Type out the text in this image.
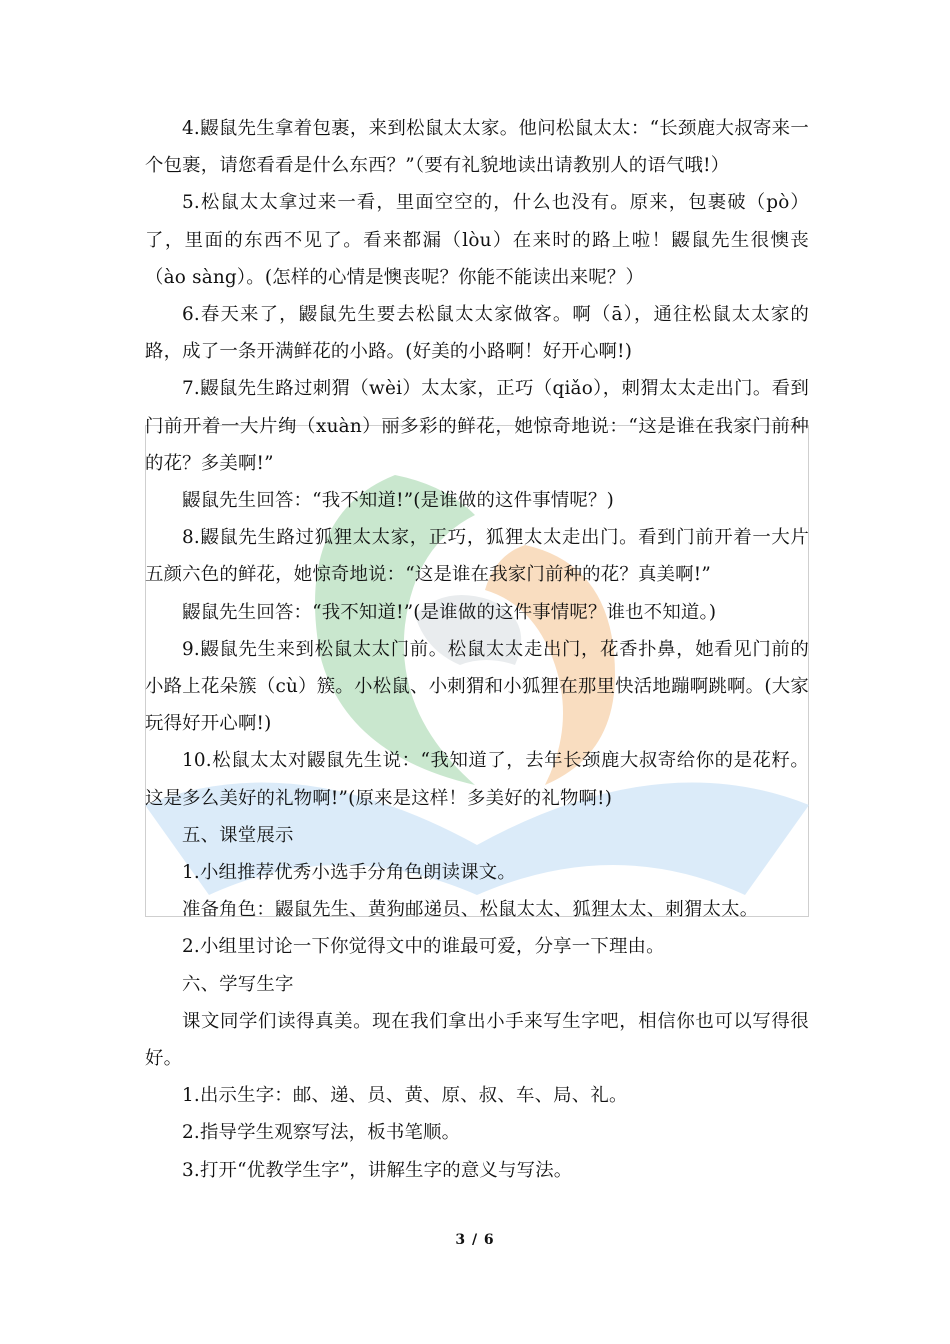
4.鼹鼠先生拿着包裹，来到松鼠太太家。他问松鼠太太：“长颈鹿大叔寄来一个包裹，请您看看是什么东西？”（要有礼貌地读出请教别人的语气哦!）

5.松鼠太太拿过来一看，里面空空的，什么也没有。原来，包裹破（pò）了，里面的东西不见了。看来都漏（lòu）在来时的路上啦！鼹鼠先生很懊丧（ào sàng）。(怎样的心情是懊丧呢？你能不能读出来呢？）

6.春天来了，鼹鼠先生要去松鼠太太家做客。啊（ā），通往松鼠太太家的路，成了一条开满鲜花的小路。(好美的小路啊！好开心啊!)

7.鼹鼠先生路过刺猬（wèi）太太家，正巧（qiǎo），刺猬太太走出门。看到门前开着一大片绚（xuàn）丽多彩的鲜花，她惊奇地说：“这是谁在我家门前种的花？多美啊!”

鼹鼠先生回答：“我不知道!”(是谁做的这件事情呢？)

8.鼹鼠先生路过狐狸太太家，正巧，狐狸太太走出门。看到门前开着一大片五颜六色的鲜花，她惊奇地说：“这是谁在我家门前种的花？真美啊!”

鼹鼠先生回答：“我不知道!”(是谁做的这件事情呢？谁也不知道。)

9.鼹鼠先生来到松鼠太太门前。松鼠太太走出门，花香扑鼻，她看见门前的小路上花朵簇（cù）簇。小松鼠、小刺猬和小狐狸在那里快活地蹦啊跳啊。(大家玩得好开心啊!)

10.松鼠太太对鼹鼠先生说：“我知道了，去年长颈鹿大叔寄给你的是花籽。这是多么美好的礼物啊!”(原来是这样！多美好的礼物啊!)

五、课堂展示

1.小组推荐优秀小选手分角色朗读课文。

准备角色：鼹鼠先生、黄狗邮递员、松鼠太太、狐狸太太、刺猬太太。

2.小组里讨论一下你觉得文中的谁最可爱，分享一下理由。

六、学写生字

课文同学们读得真美。现在我们拿出小手来写生字吧，相信你也可以写得很好。

1.出示生字：邮、递、员、黄、原、叔、车、局、礼。

2.指导学生观察写法，板书笔顺。

3.打开“优教学生字”，讲解生字的意义与写法。

3 / 6
